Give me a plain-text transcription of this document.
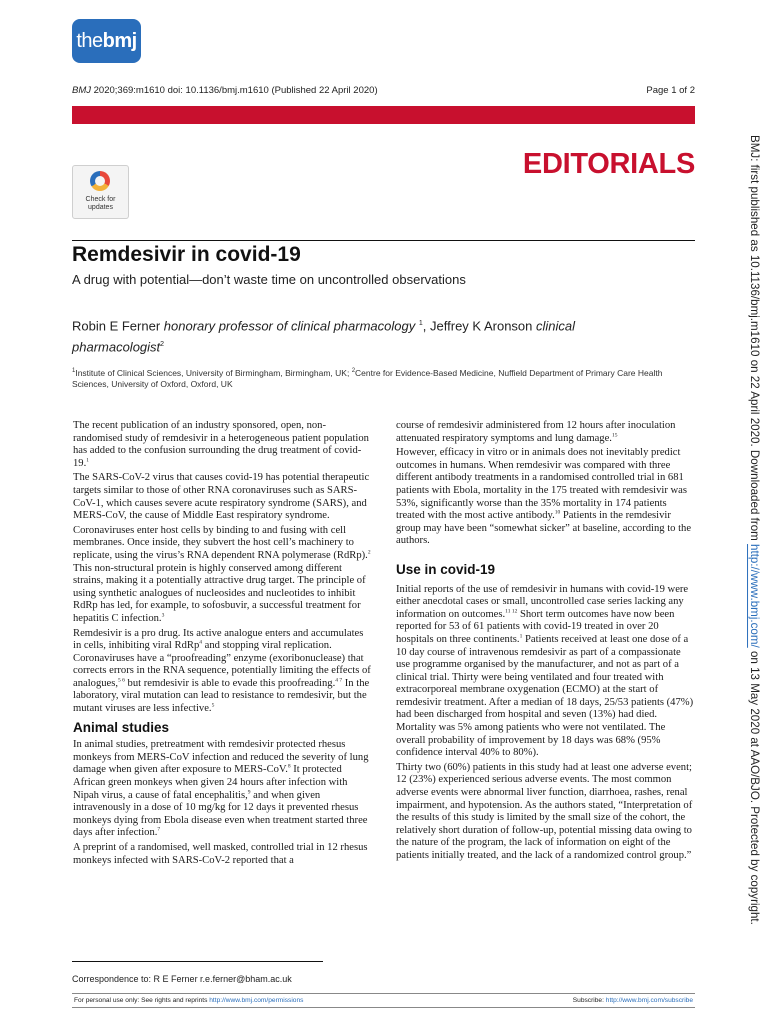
the bmj
BMJ 2020;369:m1610 doi: 10.1136/bmj.m1610 (Published 22 April 2020)	Page 1 of 2
EDITORIALS
Check for
updates
Remdesivir in covid-19
A drug with potential—don’t waste time on uncontrolled observations
Robin E Ferner honorary professor of clinical pharmacology $^1$, Jeffrey K Aronson clinical pharmacologist$^2$
$^1$Institute of Clinical Sciences, University of Birmingham, Birmingham, UK; $^2$Centre for Evidence-Based Medicine, Nuffield Department of Primary Care Health Sciences, University of Oxford, Oxford, UK

The recent publication of an industry sponsored, open, non-randomised study of remdesivir in a heterogeneous patient population has added to the confusion surrounding the drug treatment of covid-19.$^1$

The SARS-CoV-2 virus that causes covid-19 has potential therapeutic targets similar to those of other RNA coronaviruses such as SARS-CoV-1, which causes severe acute respiratory syndrome (SARS), and MERS-CoV, the cause of Middle East respiratory syndrome.

Coronaviruses enter host cells by binding to and fusing with cell membranes. Once inside, they subvert the host cell’s machinery to replicate, using the virus’s RNA dependent RNA polymerase (RdRp).$^2$ This non-structural protein is highly conserved among different strains, making it a potentially attractive drug target. The principle of using synthetic analogues of nucleosides and nucleotides to inhibit RdRp has led, for example, to sofosbuvir, a successful treatment for hepatitis C infection.$^3$

Remdesivir is a pro drug. Its active analogue enters and accumulates in cells, inhibiting viral RdRp$^4$ and stopping viral replication. Coronaviruses have a “proofreading” enzyme (exoribonuclease) that corrects errors in the RNA sequence, potentially limiting the effects of analogues,$^{5 6}$ but remdesivir is able to evade this proofreading.$^{4 7}$ In the laboratory, viral mutation can lead to resistance to remdesivir, but the mutant viruses are less infective.$^5$

Animal studies

In animal studies, pretreatment with remdesivir protected rhesus monkeys from MERS-CoV infection and reduced the severity of lung damage when given after exposure to MERS-CoV.$^8$ It protected African green monkeys when given 24 hours after infection with Nipah virus, a cause of fatal encephalitis,$^9$ and when given intravenously in a dose of 10 mg/kg for 12 days it prevented rhesus monkeys dying from Ebola disease even when treatment started three days after infection.$^7$

A preprint of a randomised, well masked, controlled trial in 12 rhesus monkeys infected with SARS-CoV-2 reported that a

course of remdesivir administered from 12 hours after inoculation attenuated respiratory symptoms and lung damage.$^{15}$

However, efficacy in vitro or in animals does not inevitably predict outcomes in humans. When remdesivir was compared with three different antibody treatments in a randomised controlled trial in 681 patients with Ebola, mortality in the 175 treated with remdesivir was 53%, significantly worse than the 35% mortality in 174 patients treated with the most active antibody.$^{10}$ Patients in the remdesivir group may have been “somewhat sicker” at baseline, according to the authors.

Use in covid-19

Initial reports of the use of remdesivir in humans with covid-19 were either anecdotal cases or small, uncontrolled case series lacking any information on outcomes.$^{11 12}$ Short term outcomes have now been reported for 53 of 61 patients with covid-19 treated in over 20 hospitals on three continents.$^1$ Patients received at least one dose of a 10 day course of intravenous remdesivir as part of a compassionate use programme organised by the manufacturer, and not as part of a clinical trial. Thirty were being ventilated and four treated with extracorporeal membrane oxygenation (ECMO) at the start of remdesivir treatment. After a median of 18 days, 25/53 patients (47%) had been discharged from hospital and seven (13%) had died. Mortality was 5% among patients who were not ventilated. The overall probability of improvement by 18 days was 68% (95% confidence interval 40% to 80%).

Thirty two (60%) patients in this study had at least one adverse event; 12 (23%) experienced serious adverse events. The most common adverse events were abnormal liver function, diarrhoea, rashes, renal impairment, and hypotension. As the authors stated, “Interpretation of the results of this study is limited by the small size of the cohort, the relatively short duration of follow-up, potential missing data owing to the nature of the program, the lack of information on eight of the patients initially treated, and the lack of a randomized control group.”

Correspondence to: R E Ferner r.e.ferner@bham.ac.uk
For personal use only: See rights and reprints http://www.bmj.com/permissions	Subscribe: http://www.bmj.com/subscribe
BMJ: first published as 10.1136/bmj.m1610 on 22 April 2020. Downloaded from http://www.bmj.com/ on 13 May 2020 at AAO/BJO. Protected by copyright.
